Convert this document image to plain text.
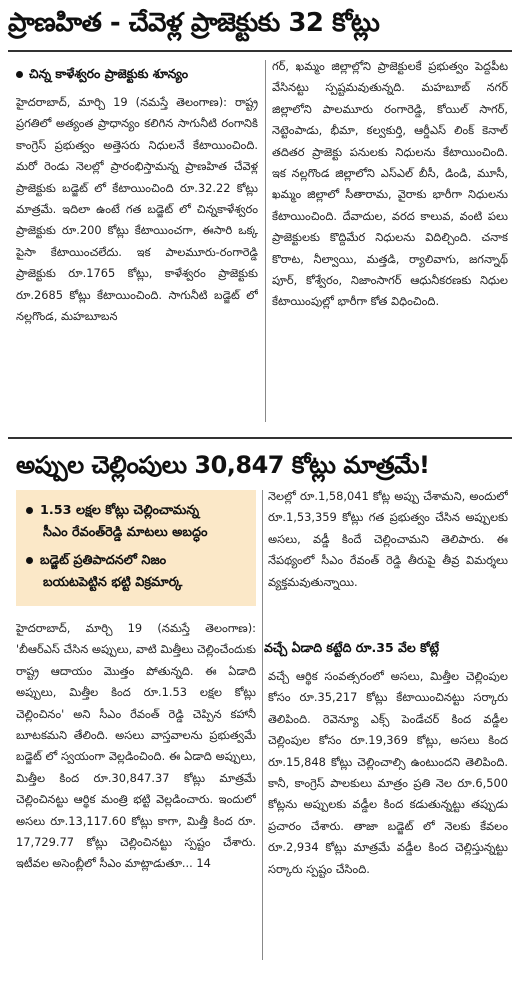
ప్రాణహిత - చేవెళ్ల ప్రాజెక్టుకు 32 కోట్లు
చిన్న కాళేశ్వరం ప్రాజెక్టుకు శూన్యం

హైదరాబాద్, మార్చి 19 (నమస్తే తెలంగాణ): రాష్ట్ర ప్రగతిలో అత్యంత ప్రాధాన్యం కలిగిన సాగునీటి రంగానికి కాంగ్రెస్ ప్రభుత్వం అత్తెసరు నిధులనే కేటాయించింది. మరో రెండు నెలల్లో ప్రారంభిస్తామన్న ప్రాణహిత చేవెళ్ల ప్రాజెక్టుకు బడ్జెట్ లో కేటాయించింది రూ.32.22 కోట్లు మాత్రమే. ఇదిలా ఉంటే గత బడ్జెట్ లో చిన్నకాళేశ్వరం ప్రాజెక్టుకు రూ.200 కోట్లు కేటాయించగా, ఈసారి ఒక్క పైసా కేటాయించలేదు. ఇక పాలమూరు-రంగారెడ్డి ప్రాజెక్టుకు రూ.1765 కోట్లు, కాళేశ్వరం ప్రాజెక్టుకు రూ.2685 కోట్లు కేటాయించింది. సాగునీటి బడ్జెట్ లో నల్లగొండ, మహబూబన

గర్, ఖమ్మం జిల్లాల్లోని ప్రాజెక్టులకే ప్రభుత్వం పెద్దపీట వేసినట్టు స్పష్టమవుతున్నది. మహబూబ్ నగర్ జిల్లాలోని పాలమూరు రంగారెడ్డి, కోయిల్ సాగర్, నెట్టెంపాడు, భీమా, కల్వకుర్తి, ఆర్డీఎస్ లింక్ కెనాల్ తదితర ప్రాజెక్టు పనులకు నిధులను కేటాయించింది. ఇక నల్లగొండ జిల్లాలోని ఎస్ఎల్ బీసీ, డిండి, మూసీ, ఖమ్మం జిల్లాలో సీతారామ, వైరాకు భారీగా నిధులను కేటాయించింది. దేవాదుల, వరద కాలువ, వంటి పలు ప్రాజెక్టులకు కొద్దిమేర నిధులను విదిల్చింది. చనాక కొరాట, నీల్వాయి, మత్తడి, ర్యాలివాగు, జగన్నాథ్ పూర్, కోశ్వేరం, నిజాంసాగర్ ఆధునీకరణకు నిధుల కేటాయింపుల్లో భారీగా కోత విధించింది.

అప్పుల చెల్లింపులు 30,847 కోట్లు మాత్రమే!
1.53 లక్షల కోట్లు చెల్లించామన్న
సీఎం రేవంత్‌రెడ్డి మాటలు అబద్ధం
బడ్జెట్ ప్రతిపాదనలో నిజం
బయటపెట్టిన భట్టి విక్రమార్క

హైదరాబాద్, మార్చి 19 (నమస్తే తెలంగాణ): 'బీఆర్ఎస్ చేసిన అప్పులు, వాటి మిత్తీలు చెల్లించేందుకు రాష్ట్ర ఆదాయం మొత్తం పోతున్నది. ఈ ఏడాది అప్పులు, మిత్తీల కింద రూ.1.53 లక్షల కోట్లు చెల్లించినం' అని సీఎం రేవంత్ రెడ్డి చెప్పిన కహానీ బూటకమని తేలింది. అసలు వాస్తవాలను ప్రభుత్వమే బడ్జెట్ లో స్వయంగా వెల్లడించింది. ఈ ఏడాది అప్పులు, మిత్తీల కింద రూ.30,847.37 కోట్లు మాత్రమే చెల్లించినట్టు ఆర్థిక మంత్రి భట్టి వెల్లడించారు. ఇందులో అసలు రూ.13,117.60 కోట్లు కాగా, మిత్తీ కింద రూ. 17,729.77 కోట్లు చెల్లించినట్టు స్పష్టం చేశారు. ఇటీవల అసెంబ్లీలో సీఎం మాట్లాడుతూ... 14

నెలల్లో రూ.1,58,041 కోట్ల అప్పు చేశామని, అందులో రూ.1,53,359 కోట్లు గత ప్రభుత్వం చేసిన అప్పులకు అసలు, వడ్డీ కిందే చెల్లించామని తెలిపారు. ఈ నేపథ్యంలో సీఎం రేవంత్ రెడ్డి తీరుపై తీవ్ర విమర్శలు వ్యక్తమవుతున్నాయి.

వచ్చే ఏడాది కట్టేది రూ.35 వేల కోట్లే

వచ్చే ఆర్థిక సంవత్సరంలో అసలు, మిత్తీల చెల్లింపుల కోసం రూ.35,217 కోట్లు కేటాయించినట్టు సర్కారు తెలిపింది. రెవెన్యూ ఎక్స్ పెండేచర్ కింద వడ్డీల చెల్లింపుల కోసం రూ.19,369 కోట్లు, అసలు కింద రూ.15,848 కోట్లు చెల్లించాల్సి ఉంటుందని తెలిపింది. కానీ, కాంగ్రెస్ పాలకులు మాత్రం ప్రతి నెల రూ.6,500 కోట్లను అప్పులకు వడ్డీల కింద కడుతున్నట్టు తప్పుడు ప్రచారం చేశారు. తాజా బడ్జెట్ లో నెలకు కేవలం రూ.2,934 కోట్లు మాత్రమే వడ్డీల కింద చెల్లిస్తున్నట్టు సర్కారు స్పష్టం చేసింది.
